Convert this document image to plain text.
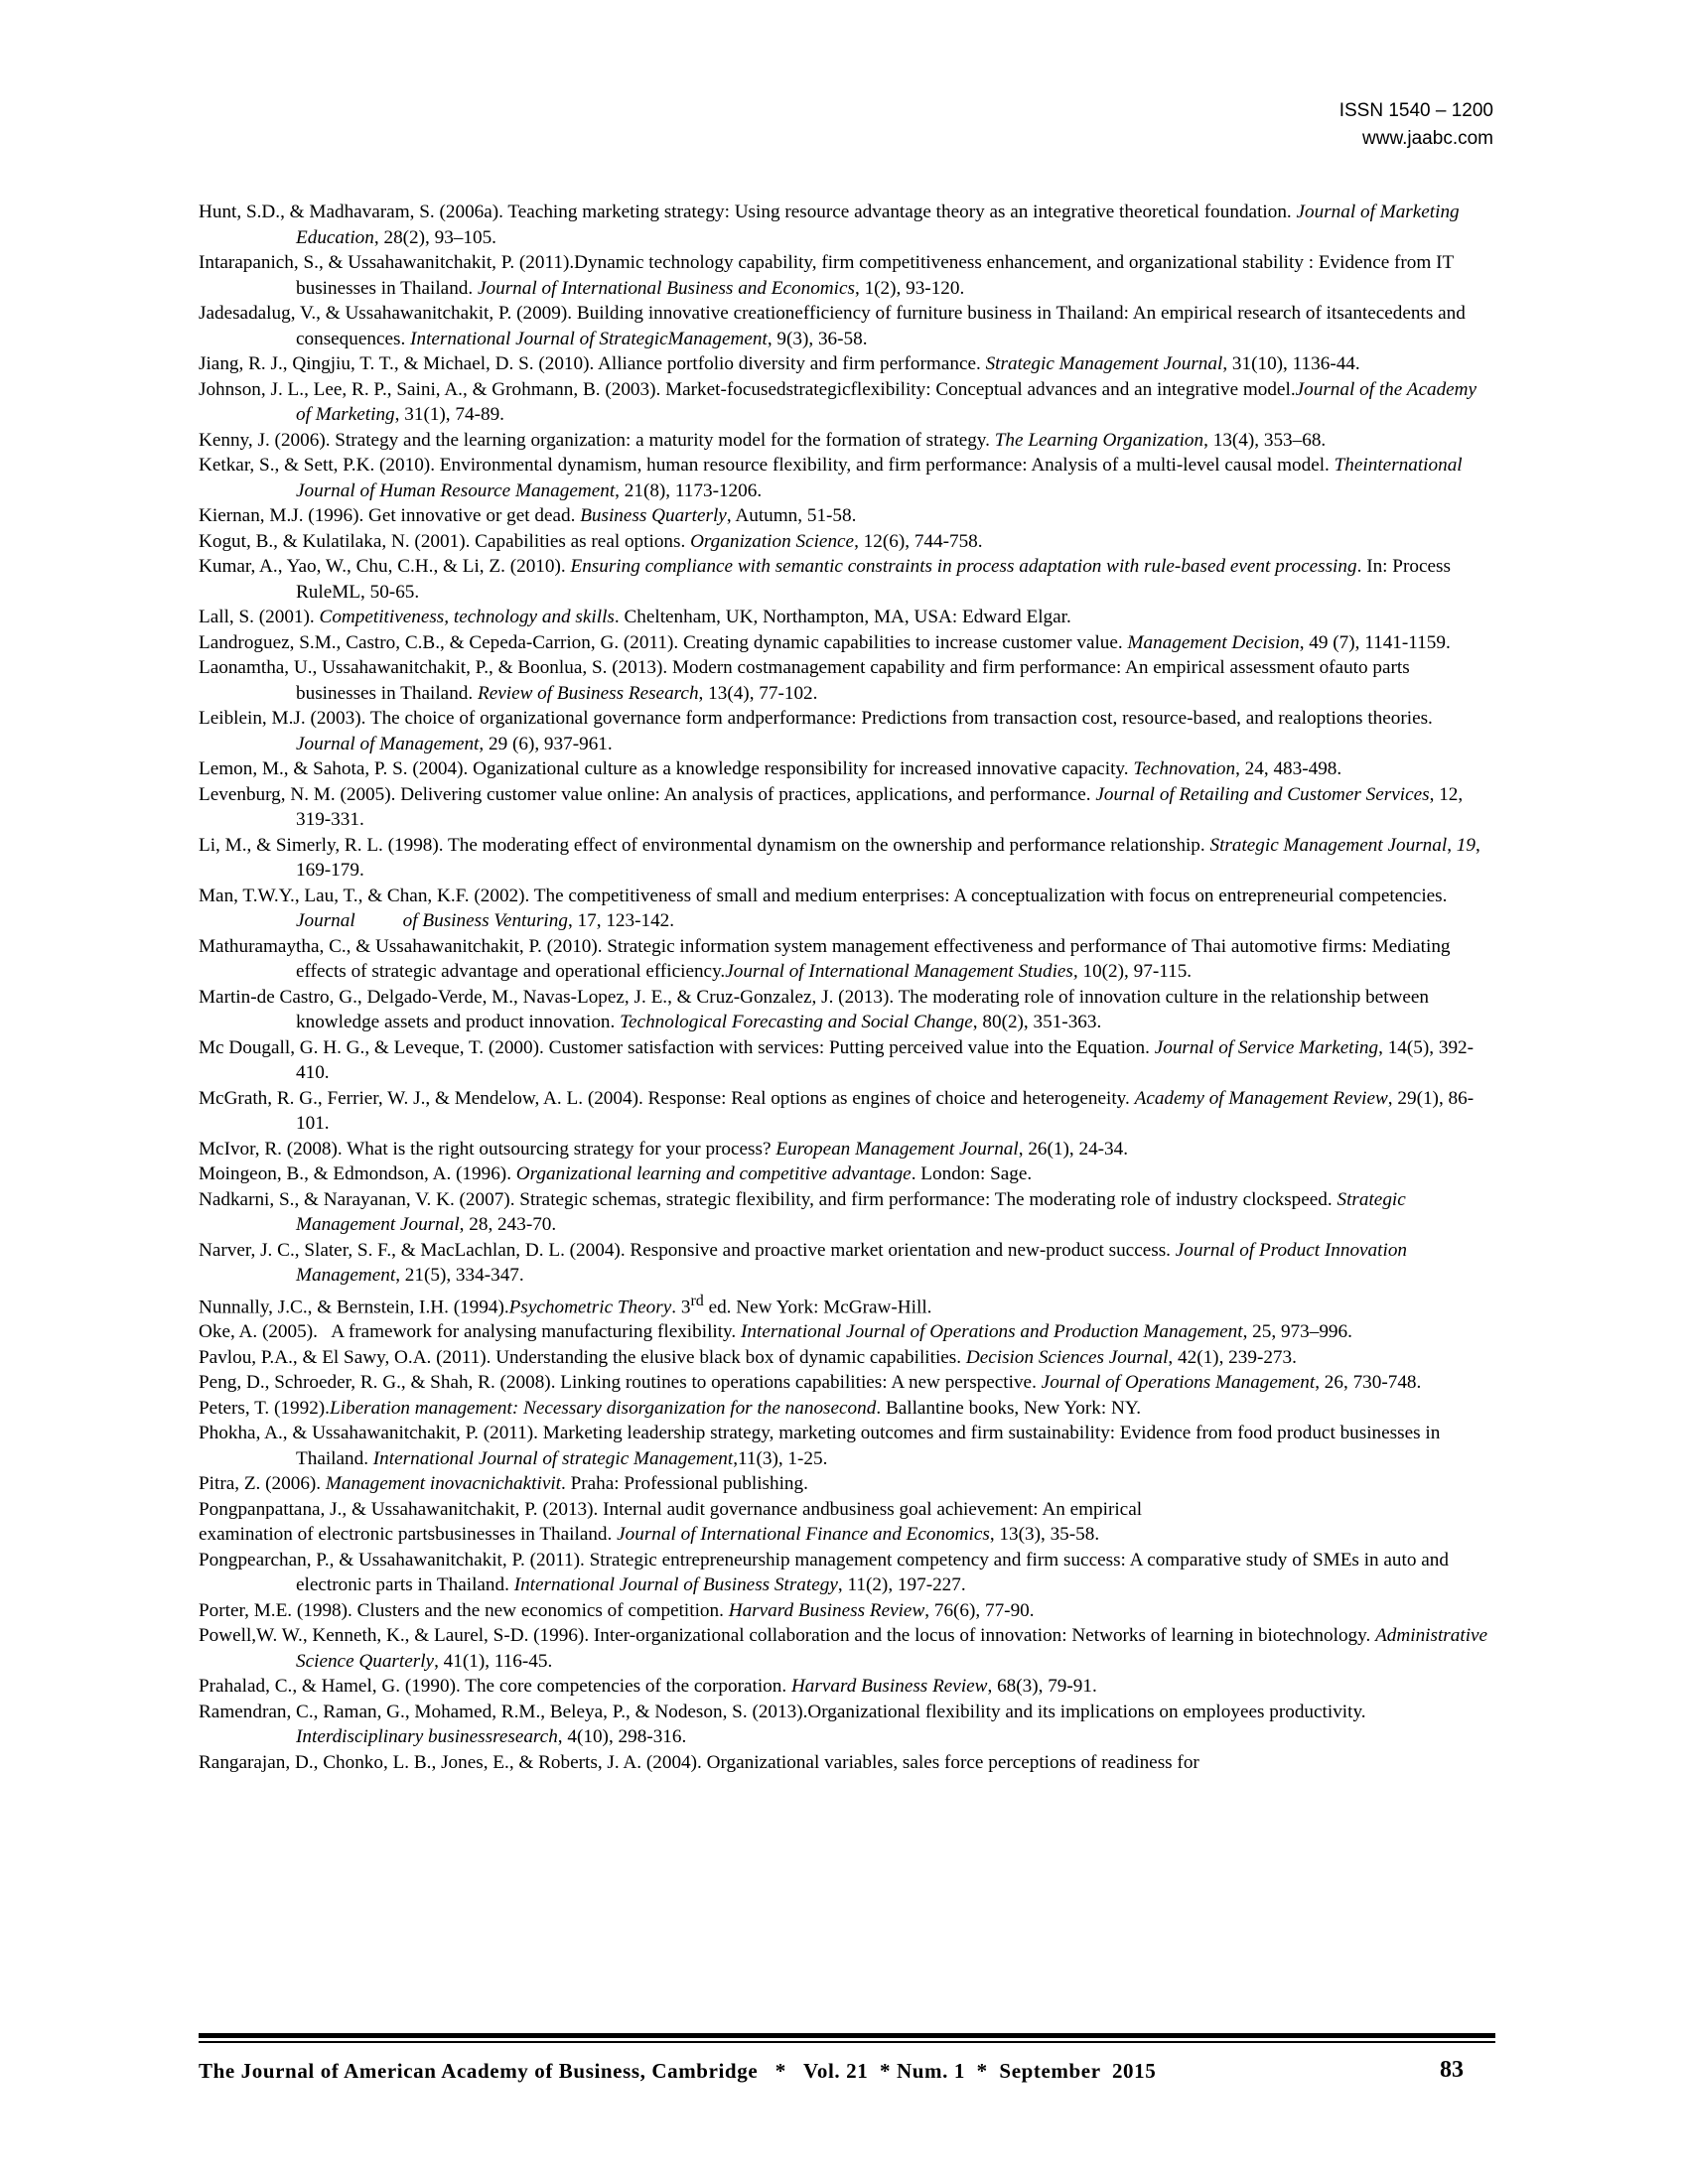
ISSN 1540 – 1200
www.jaabc.com

Hunt, S.D., & Madhavaram, S. (2006a). Teaching marketing strategy: Using resource advantage theory as an integrative theoretical foundation. Journal of Marketing Education, 28(2), 93–105.

Intarapanich, S., & Ussahawanitchakit, P. (2011).Dynamic technology capability, firm competitiveness enhancement, and organizational stability : Evidence from IT businesses in Thailand. Journal of International Business and Economics, 1(2), 93-120.

Jadesadalug, V., & Ussahawanitchakit, P. (2009). Building innovative creationefficiency of furniture business in Thailand: An empirical research of itsantecedents and consequences. International Journal of StrategicManagement, 9(3), 36-58.

Jiang, R. J., Qingjiu, T. T., & Michael, D. S. (2010). Alliance portfolio diversity and firm performance. Strategic Management Journal, 31(10), 1136-44.

Johnson, J. L., Lee, R. P., Saini, A., & Grohmann, B. (2003). Market-focusedstrategicflexibility: Conceptual advances and an integrative model.Journal of the Academy of Marketing, 31(1), 74-89.

Kenny, J. (2006). Strategy and the learning organization: a maturity model for the formation of strategy. The Learning Organization, 13(4), 353–68.

Ketkar, S., & Sett, P.K. (2010). Environmental dynamism, human resource flexibility, and firm performance: Analysis of a multi-level causal model. Theinternational Journal of Human Resource Management, 21(8), 1173-1206.

Kiernan, M.J. (1996). Get innovative or get dead. Business Quarterly, Autumn, 51-58.

Kogut, B., & Kulatilaka, N. (2001). Capabilities as real options. Organization Science, 12(6), 744-758.

Kumar, A., Yao, W., Chu, C.H., & Li, Z. (2010). Ensuring compliance with semantic constraints in process adaptation with rule-based event processing. In: Process RuleML, 50-65.

Lall, S. (2001). Competitiveness, technology and skills. Cheltenham, UK, Northampton, MA, USA: Edward Elgar.

Landroguez, S.M., Castro, C.B., & Cepeda-Carrion, G. (2011). Creating dynamic capabilities to increase customer value. Management Decision, 49 (7), 1141-1159.

Laonamtha, U., Ussahawanitchakit, P., & Boonlua, S. (2013). Modern costmanagement capability and firm performance: An empirical assessment ofauto parts businesses in Thailand. Review of Business Research, 13(4), 77-102.

Leiblein, M.J. (2003). The choice of organizational governance form andperformance: Predictions from transaction cost, resource-based, and realoptions theories. Journal of Management, 29 (6), 937-961.

Lemon, M., & Sahota, P. S. (2004). Oganizational culture as a knowledge responsibility for increased innovative capacity. Technovation, 24, 483-498.

Levenburg, N. M. (2005). Delivering customer value online: An analysis of practices, applications, and performance. Journal of Retailing and Customer Services, 12, 319-331.

Li, M., & Simerly, R. L. (1998). The moderating effect of environmental dynamism on the ownership and performance relationship. Strategic Management Journal, 19, 169-179.

Man, T.W.Y., Lau, T., & Chan, K.F. (2002). The competitiveness of small and medium enterprises: A conceptualization with focus on entrepreneurial competencies. Journal          of Business Venturing, 17, 123-142.

Mathuramaytha, C., & Ussahawanitchakit, P. (2010). Strategic information system management effectiveness and performance of Thai automotive firms: Mediating effects of strategic advantage and operational efficiency.Journal of International Management Studies, 10(2), 97-115.

Martin-de Castro, G., Delgado-Verde, M., Navas-Lopez, J. E., & Cruz-Gonzalez, J. (2013). The moderating role of innovation culture in the relationship between knowledge assets and product innovation. Technological Forecasting and Social Change, 80(2), 351-363.

Mc Dougall, G. H. G., & Leveque, T. (2000). Customer satisfaction with services: Putting perceived value into the Equation. Journal of Service Marketing, 14(5), 392-410.

McGrath, R. G., Ferrier, W. J., & Mendelow, A. L. (2004). Response: Real options as engines of choice and heterogeneity. Academy of Management Review, 29(1), 86-101.

McIvor, R. (2008). What is the right outsourcing strategy for your process? European Management Journal, 26(1), 24-34.

Moingeon, B., & Edmondson, A. (1996). Organizational learning and competitive advantage. London: Sage.

Nadkarni, S., & Narayanan, V. K. (2007). Strategic schemas, strategic flexibility, and firm performance: The moderating role of industry clockspeed. Strategic Management Journal, 28, 243-70.

Narver, J. C., Slater, S. F., & MacLachlan, D. L. (2004). Responsive and proactive market orientation and new-product success. Journal of Product Innovation Management, 21(5), 334-347.

Nunnally, J.C., & Bernstein, I.H. (1994).Psychometric Theory. 3rd ed. New York: McGraw-Hill.

Oke, A. (2005).   A framework for analysing manufacturing flexibility. International Journal of Operations and Production Management, 25, 973–996.

Pavlou, P.A., & El Sawy, O.A. (2011). Understanding the elusive black box of dynamic capabilities. Decision Sciences Journal, 42(1), 239-273.

Peng, D., Schroeder, R. G., & Shah, R. (2008). Linking routines to operations capabilities: A new perspective. Journal of Operations Management, 26, 730-748.

Peters, T. (1992).Liberation management: Necessary disorganization for the nanosecond. Ballantine books, New York: NY.

Phokha, A., & Ussahawanitchakit, P. (2011). Marketing leadership strategy, marketing outcomes and firm sustainability: Evidence from food product businesses in Thailand. International Journal of strategic Management,11(3), 1-25.

Pitra, Z. (2006). Management inovacnichaktivit. Praha: Professional publishing.

Pongpanpattana, J., & Ussahawanitchakit, P. (2013). Internal audit governance andbusiness goal achievement: An empirical

examination of electronic partsbusinesses in Thailand. Journal of International Finance and Economics, 13(3), 35-58.

Pongpearchan, P., & Ussahawanitchakit, P. (2011). Strategic entrepreneurship management competency and firm success: A comparative study of SMEs in auto and electronic parts in Thailand. International Journal of Business Strategy, 11(2), 197-227.

Porter, M.E. (1998). Clusters and the new economics of competition. Harvard Business Review, 76(6), 77-90.

Powell,W. W., Kenneth, K., & Laurel, S-D. (1996). Inter-organizational collaboration and the locus of innovation: Networks of learning in biotechnology. Administrative Science Quarterly, 41(1), 116-45.

Prahalad, C., & Hamel, G. (1990). The core competencies of the corporation. Harvard Business Review, 68(3), 79-91.

Ramendran, C., Raman, G., Mohamed, R.M., Beleya, P., & Nodeson, S. (2013).Organizational flexibility and its implications on employees productivity. Interdisciplinary businessresearch, 4(10), 298-316.

Rangarajan, D., Chonko, L. B., Jones, E., & Roberts, J. A. (2004). Organizational variables, sales force perceptions of readiness for

The Journal of American Academy of Business, Cambridge   *   Vol. 21  * Num. 1  *  September  2015	83
